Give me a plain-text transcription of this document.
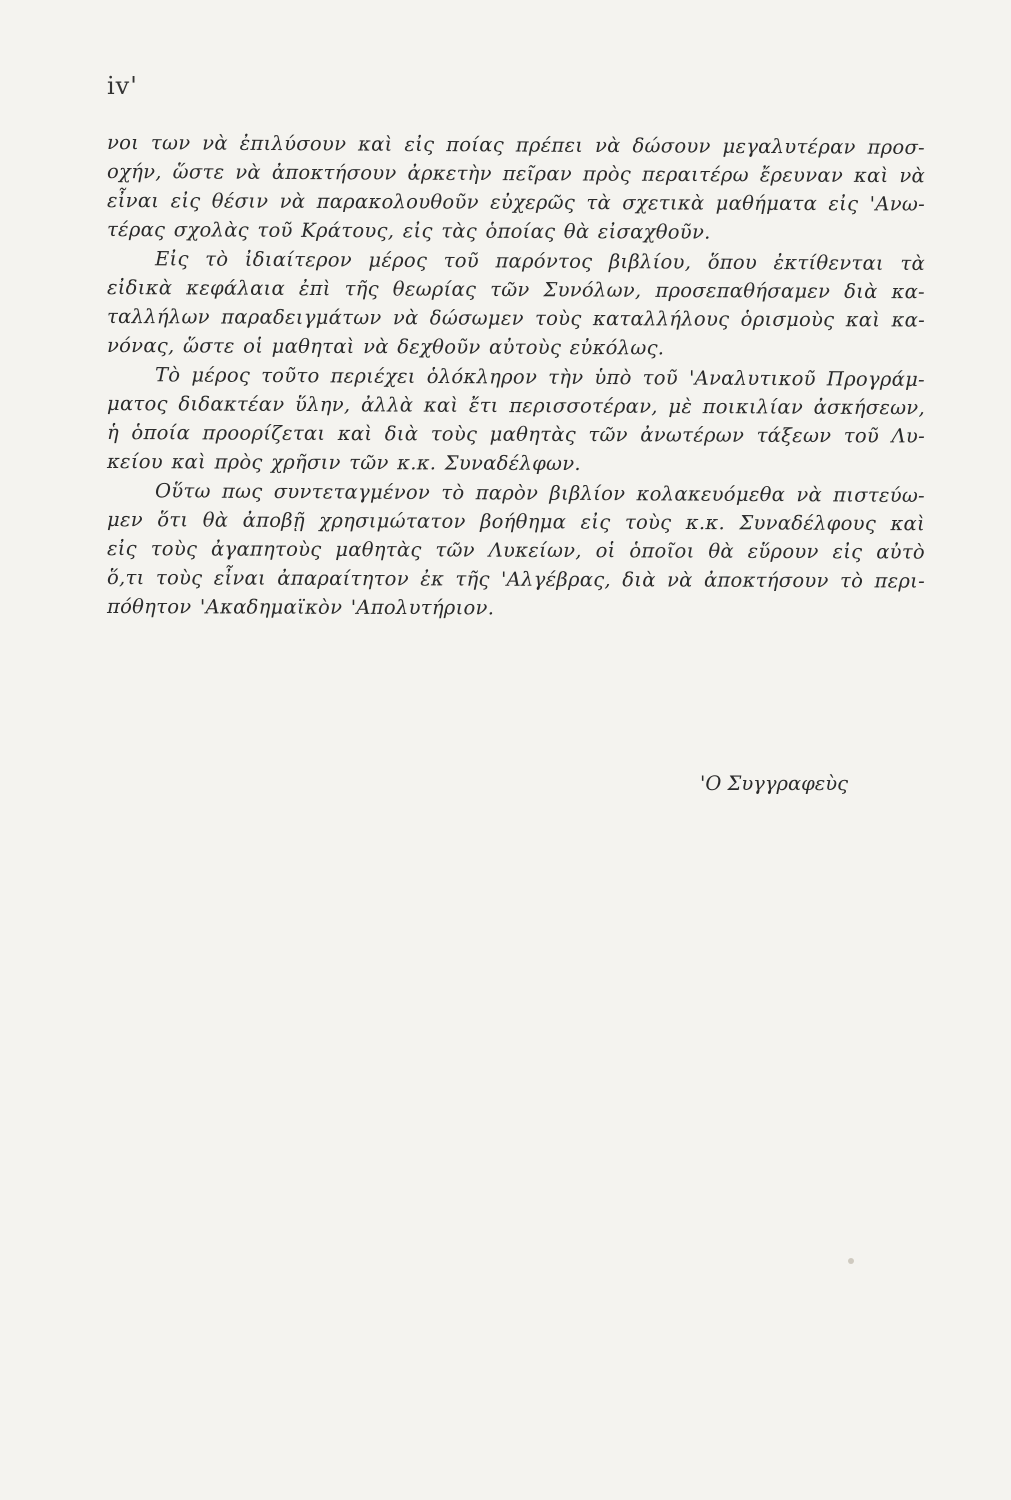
iv'
νοι των νὰ ἐπιλύσουν καὶ εἰς ποίας πρέπει νὰ δώσουν μεγαλυτέραν προσ-
οχήν, ὥστε νὰ ἀποκτήσουν ἀρκετὴν πεῖραν πρὸς περαιτέρω ἔρευναν καὶ νὰ
εἶναι εἰς θέσιν νὰ παρακολουθοῦν εὐχερῶς τὰ σχετικὰ μαθήματα εἰς 'Ανω-
τέρας σχολὰς τοῦ Κράτους, εἰς τὰς ὁποίας θὰ εἰσαχθοῦν.
Εἰς τὸ ἰδιαίτερον μέρος τοῦ παρόντος βιβλίου, ὅπου ἐκτίθενται τὰ
εἰδικὰ κεφάλαια ἐπὶ τῆς θεωρίας τῶν Συνόλων, προσεπαθήσαμεν διὰ κα-
ταλλήλων παραδειγμάτων νὰ δώσωμεν τοὺς καταλλήλους ὁρισμοὺς καὶ κα-
νόνας, ὥστε οἱ μαθηταὶ νὰ δεχθοῦν αὐτοὺς εὐκόλως.
Τὸ μέρος τοῦτο περιέχει ὁλόκληρον τὴν ὑπὸ τοῦ 'Αναλυτικοῦ Προγράμ-
ματος διδακτέαν ὕλην, ἀλλὰ καὶ ἔτι περισσοτέραν, μὲ ποικιλίαν ἀσκήσεων,
ἡ ὁποία προορίζεται καὶ διὰ τοὺς μαθητὰς τῶν ἀνωτέρων τάξεων τοῦ Λυ-
κείου καὶ πρὸς χρῆσιν τῶν κ.κ. Συναδέλφων.
Οὕτω πως συντεταγμένον τὸ παρὸν βιβλίον κολακευόμεθα νὰ πιστεύω-
μεν ὅτι θὰ ἀποβῇ χρησιμώτατον βοήθημα εἰς τοὺς κ.κ. Συναδέλφους καὶ
εἰς τοὺς ἀγαπητοὺς μαθητὰς τῶν Λυκείων, οἱ ὁποῖοι θὰ εὕρουν εἰς αὐτὸ
ὅ,τι τοὺς εἶναι ἀπαραίτητον ἐκ τῆς 'Αλγέβρας, διὰ νὰ ἀποκτήσουν τὸ περι-
πόθητον 'Ακαδημαϊκὸν 'Απολυτήριον.
'Ο Συγγραφεὺς
